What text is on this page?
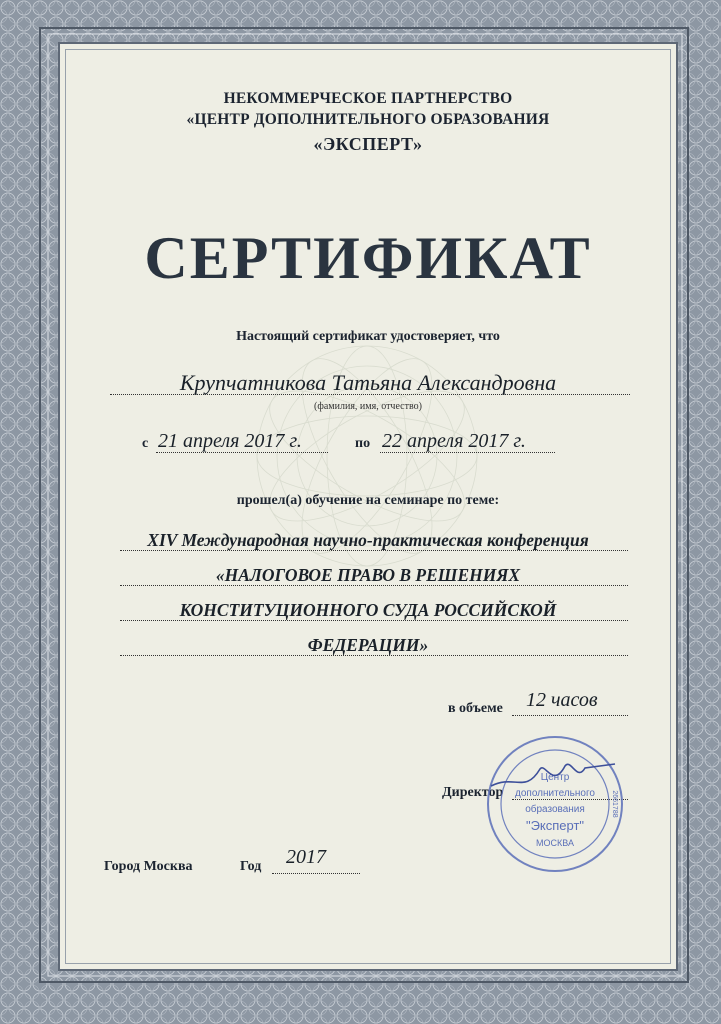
НЕКОММЕРЧЕСКОЕ ПАРТНЕРСТВО
«ЦЕНТР ДОПОЛНИТЕЛЬНОГО ОБРАЗОВАНИЯ
«ЭКСПЕРТ»
СЕРТИФИКАТ
Настоящий сертификат удостоверяет, что
Крупчатникова Татьяна Александровна
(фамилия, имя, отчество)
с 21 апреля 2017 г.	по 22 апреля 2017 г.
прошел(а) обучение на семинаре по теме:
XIV Международная научно-практическая конференция
«НАЛОГОВОЕ ПРАВО В РЕШЕНИЯХ
КОНСТИТУЦИОННОГО СУДА РОССИЙСКОЙ
ФЕДЕРАЦИИ»
в объеме 12 часов
Директор
МОСКВА
Центр
дополнительного
образования
"Эксперт"
2661788
Город Москва	Год 2017
